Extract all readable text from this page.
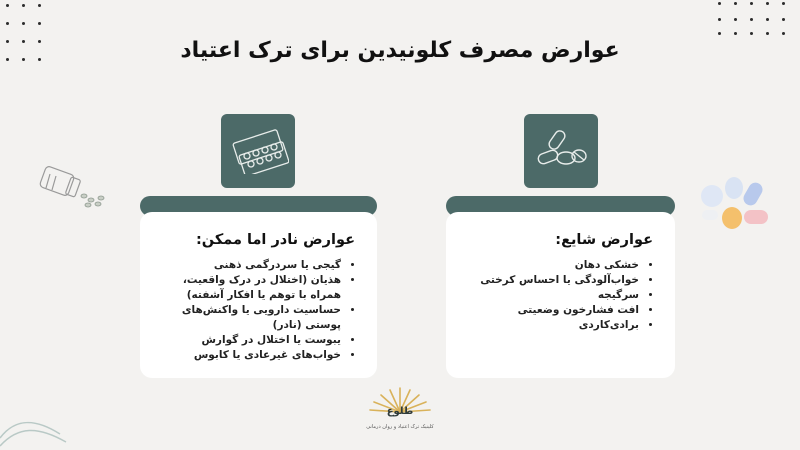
عوارض مصرف کلونیدین برای ترک اعتیاد
عوارض نادر اما ممکن:
• گیجی یا سردرگمی ذهنی
• هذیان (اختلال در درک واقعیت، همراه با توهم یا افکار آشفته)
• حساسیت دارویی یا واکنش‌های پوستی (نادر)
• یبوست یا اختلال در گوارش
• خواب‌های غیرعادی یا کابوس
عوارض شایع:
• خشکی دهان
• خواب‌آلودگی یا احساس کرختی
• سرگیجه
• افت فشارخون وضعیتی
• برادی‌کاردی
طلوع
کلینیک ترک اعتیاد و روان درمانی
